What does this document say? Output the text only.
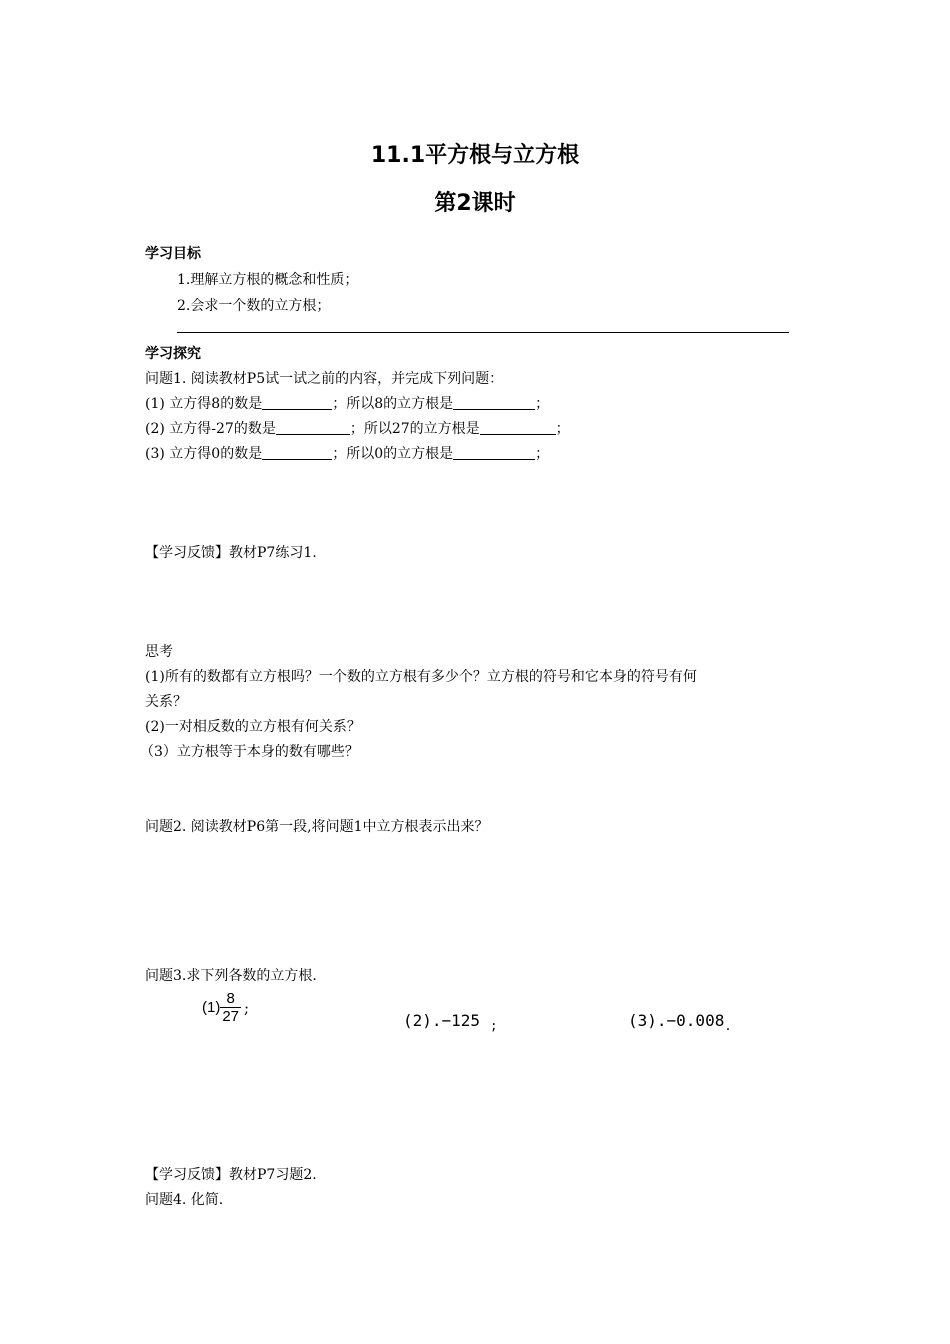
11.1平方根与立方根
第2课时
学习目标
1.理解立方根的概念和性质；
2.会求一个数的立方根；
学习探究
问题1. 阅读教材P5试一试之前的内容，并完成下列问题：
(1) 立方得8的数是	；所以8的立方根是	；
(2) 立方得-27的数是	；所以27的立方根是	；
(3) 立方得0的数是	；所以0的立方根是	；
【学习反馈】教材P7练习1.
思考
(1)所有的数都有立方根吗？一个数的立方根有多少个？立方根的符号和它本身的符号有何
关系？
(2)一对相反数的立方根有何关系？
（3）立方根等于本身的数有哪些？
问题2. 阅读教材P6第一段,将问题1中立方根表示出来？
问题3.求下列各数的立方根.
$(1) \frac{8}{27}$ ;
(2).−125 $_;$	$(3).-0.008_.$
【学习反馈】教材P7习题2.
问题4. 化简.
